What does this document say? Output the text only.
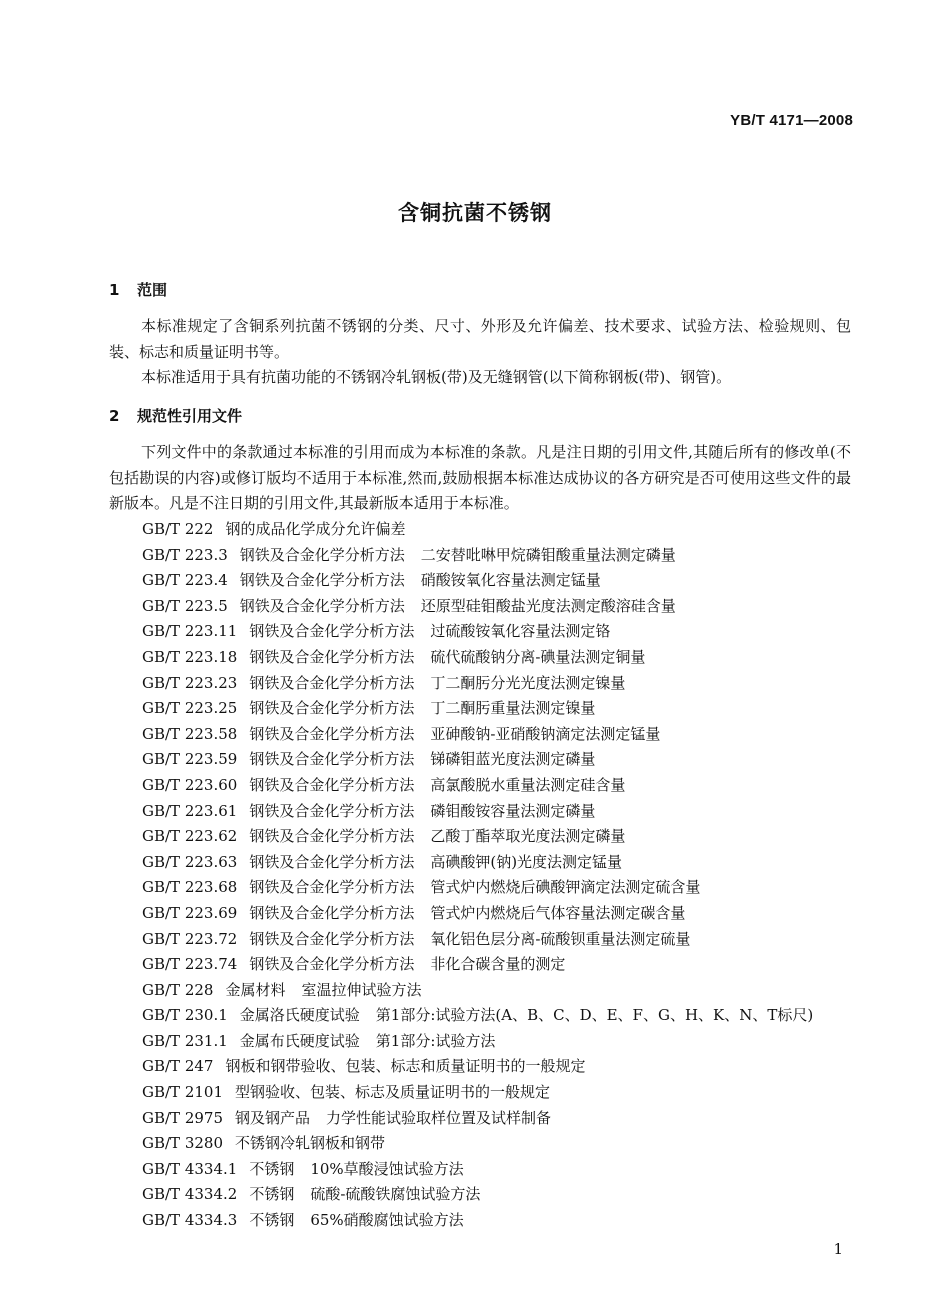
YB/T 4171—2008
含铜抗菌不锈钢
1 范围
本标准规定了含铜系列抗菌不锈钢的分类、尺寸、外形及允许偏差、技术要求、试验方法、检验规则、包装、标志和质量证明书等。
本标准适用于具有抗菌功能的不锈钢冷轧钢板(带)及无缝钢管(以下简称钢板(带)、钢管)。
2 规范性引用文件
下列文件中的条款通过本标准的引用而成为本标准的条款。凡是注日期的引用文件,其随后所有的修改单(不包括勘误的内容)或修订版均不适用于本标准,然而,鼓励根据本标准达成协议的各方研究是否可使用这些文件的最新版本。凡是不注日期的引用文件,其最新版本适用于本标准。
GB/T 222 钢的成品化学成分允许偏差
GB/T 223.3 钢铁及合金化学分析方法 二安替吡啉甲烷磷钼酸重量法测定磷量
GB/T 223.4 钢铁及合金化学分析方法 硝酸铵氧化容量法测定锰量
GB/T 223.5 钢铁及合金化学分析方法 还原型硅钼酸盐光度法测定酸溶硅含量
GB/T 223.11 钢铁及合金化学分析方法 过硫酸铵氧化容量法测定铬
GB/T 223.18 钢铁及合金化学分析方法 硫代硫酸钠分离-碘量法测定铜量
GB/T 223.23 钢铁及合金化学分析方法 丁二酮肟分光光度法测定镍量
GB/T 223.25 钢铁及合金化学分析方法 丁二酮肟重量法测定镍量
GB/T 223.58 钢铁及合金化学分析方法 亚砷酸钠-亚硝酸钠滴定法测定锰量
GB/T 223.59 钢铁及合金化学分析方法 锑磷钼蓝光度法测定磷量
GB/T 223.60 钢铁及合金化学分析方法 高氯酸脱水重量法测定硅含量
GB/T 223.61 钢铁及合金化学分析方法 磷钼酸铵容量法测定磷量
GB/T 223.62 钢铁及合金化学分析方法 乙酸丁酯萃取光度法测定磷量
GB/T 223.63 钢铁及合金化学分析方法 高碘酸钾(钠)光度法测定锰量
GB/T 223.68 钢铁及合金化学分析方法 管式炉内燃烧后碘酸钾滴定法测定硫含量
GB/T 223.69 钢铁及合金化学分析方法 管式炉内燃烧后气体容量法测定碳含量
GB/T 223.72 钢铁及合金化学分析方法 氧化铝色层分离-硫酸钡重量法测定硫量
GB/T 223.74 钢铁及合金化学分析方法 非化合碳含量的测定
GB/T 228 金属材料 室温拉伸试验方法
GB/T 230.1 金属洛氏硬度试验 第1部分:试验方法(A、B、C、D、E、F、G、H、K、N、T标尺)
GB/T 231.1 金属布氏硬度试验 第1部分:试验方法
GB/T 247 钢板和钢带验收、包装、标志和质量证明书的一般规定
GB/T 2101 型钢验收、包装、标志及质量证明书的一般规定
GB/T 2975 钢及钢产品 力学性能试验取样位置及试样制备
GB/T 3280 不锈钢冷轧钢板和钢带
GB/T 4334.1 不锈钢 10%草酸浸蚀试验方法
GB/T 4334.2 不锈钢 硫酸-硫酸铁腐蚀试验方法
GB/T 4334.3 不锈钢 65%硝酸腐蚀试验方法
1
